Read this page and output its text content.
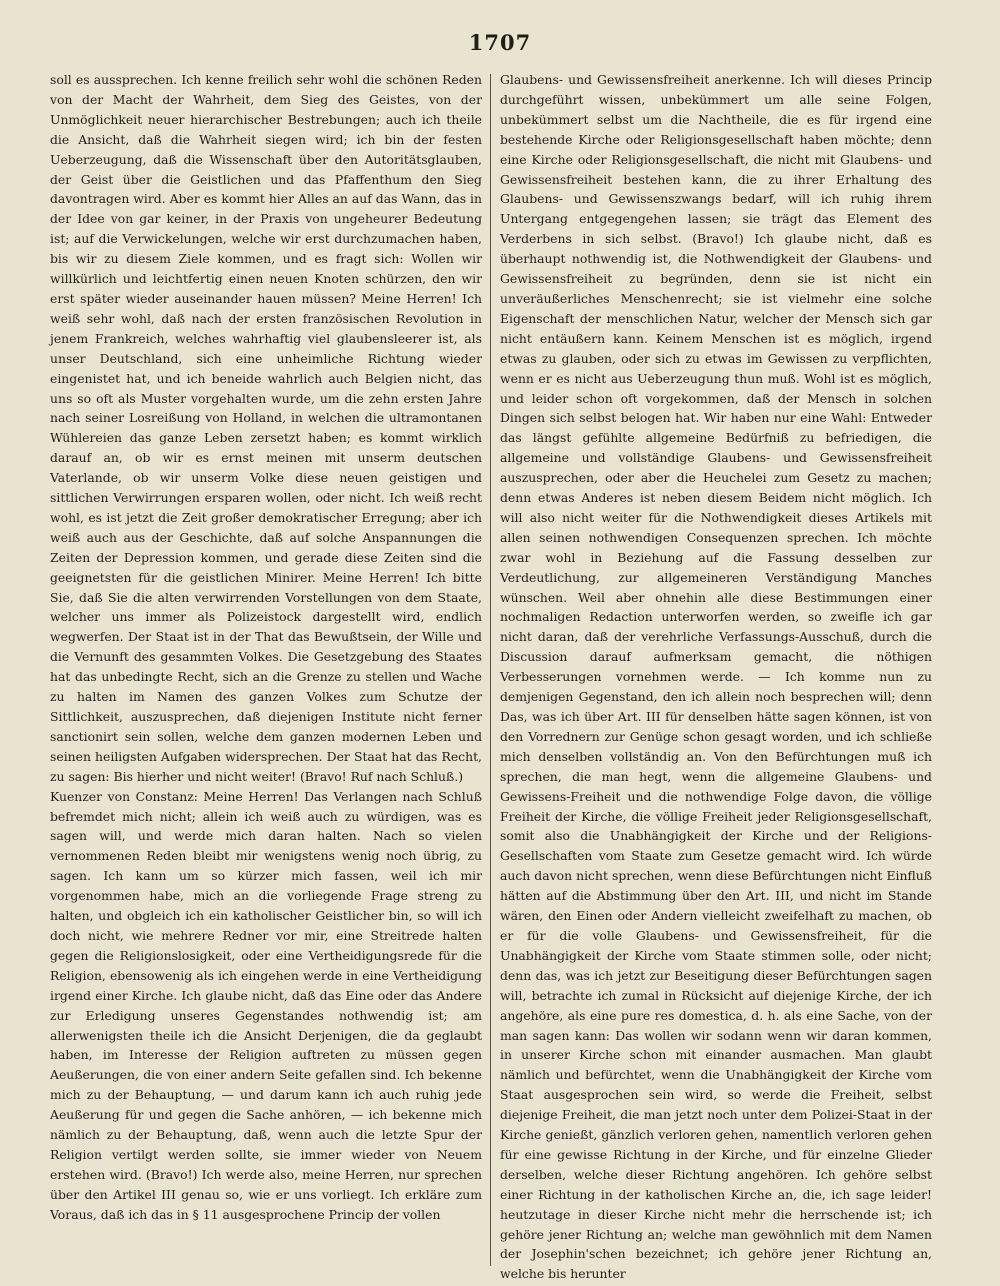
1707

soll es aussprechen. Ich kenne freilich sehr wohl die schönen Reden von der Macht der Wahrheit, dem Sieg des Geistes, von der Unmöglichkeit neuer hierarchischer Bestrebungen; auch ich theile die Ansicht, daß die Wahrheit siegen wird; ich bin der festen Ueberzeugung, daß die Wissenschaft über den Autoritätsglauben, der Geist über die Geistlichen und das Pfaffenthum den Sieg davontragen wird. Aber es kommt hier Alles an auf das Wann, das in der Idee von gar keiner, in der Praxis von ungeheurer Bedeutung ist; auf die Verwickelungen, welche wir erst durchzumachen haben, bis wir zu diesem Ziele kommen, und es fragt sich: Wollen wir willkürlich und leichtfertig einen neuen Knoten schürzen, den wir erst später wieder auseinander hauen müssen? Meine Herren! Ich weiß sehr wohl, daß nach der ersten französischen Revolution in jenem Frankreich, welches wahrhaftig viel glaubensleerer ist, als unser Deutschland, sich eine unheimliche Richtung wieder eingenistet hat, und ich beneide wahrlich auch Belgien nicht, das uns so oft als Muster vorgehalten wurde, um die zehn ersten Jahre nach seiner Losreißung von Holland, in welchen die ultramontanen Wühlereien das ganze Leben zersetzt haben; es kommt wirklich darauf an, ob wir es ernst meinen mit unserm deutschen Vaterlande, ob wir unserm Volke diese neuen geistigen und sittlichen Verwirrungen ersparen wollen, oder nicht. Ich weiß recht wohl, es ist jetzt die Zeit großer demokratischer Erregung; aber ich weiß auch aus der Geschichte, daß auf solche Anspannungen die Zeiten der Depression kommen, und gerade diese Zeiten sind die geeignetsten für die geistlichen Minirer. Meine Herren! Ich bitte Sie, daß Sie die alten verwirrenden Vorstellungen von dem Staate, welcher uns immer als Polizeistock dargestellt wird, endlich wegwerfen. Der Staat ist in der That das Bewußtsein, der Wille und die Vernunft des gesammten Volkes. Die Gesetzgebung des Staates hat das unbedingte Recht, sich an die Grenze zu stellen und Wache zu halten im Namen des ganzen Volkes zum Schutze der Sittlichkeit, auszusprechen, daß diejenigen Institute nicht ferner sanctionirt sein sollen, welche dem ganzen modernen Leben und seinen heiligsten Aufgaben widersprechen. Der Staat hat das Recht, zu sagen: Bis hierher und nicht weiter! (Bravo! Ruf nach Schluß.)

Kuenzer von Constanz: Meine Herren! Das Verlangen nach Schluß befremdet mich nicht; allein ich weiß auch zu würdigen, was es sagen will, und werde mich daran halten. Nach so vielen vernommenen Reden bleibt mir wenigstens wenig noch übrig, zu sagen. Ich kann um so kürzer mich fassen, weil ich mir vorgenommen habe, mich an die vorliegende Frage streng zu halten, und obgleich ich ein katholischer Geistlicher bin, so will ich doch nicht, wie mehrere Redner vor mir, eine Streitrede halten gegen die Religionslosigkeit, oder eine Vertheidigungsrede für die Religion, ebensowenig als ich eingehen werde in eine Vertheidigung irgend einer Kirche. Ich glaube nicht, daß das Eine oder das Andere zur Erledigung unseres Gegenstandes nothwendig ist; am allerwenigsten theile ich die Ansicht Derjenigen, die da geglaubt haben, im Interesse der Religion auftreten zu müssen gegen Aeußerungen, die von einer andern Seite gefallen sind. Ich bekenne mich zu der Behauptung, — und darum kann ich auch ruhig jede Aeußerung für und gegen die Sache anhören, — ich bekenne mich nämlich zu der Behauptung, daß, wenn auch die letzte Spur der Religion vertilgt werden sollte, sie immer wieder von Neuem erstehen wird. (Bravo!) Ich werde also, meine Herren, nur sprechen über den Artikel III genau so, wie er uns vorliegt. Ich erkläre zum Voraus, daß ich das in § 11 ausgesprochene Princip der vollen

Glaubens- und Gewissensfreiheit anerkenne. Ich will dieses Princip durchgeführt wissen, unbekümmert um alle seine Folgen, unbekümmert selbst um die Nachtheile, die es für irgend eine bestehende Kirche oder Religionsgesellschaft haben möchte; denn eine Kirche oder Religionsgesellschaft, die nicht mit Glaubens- und Gewissensfreiheit bestehen kann, die zu ihrer Erhaltung des Glaubens- und Gewissenszwangs bedarf, will ich ruhig ihrem Untergang entgegengehen lassen; sie trägt das Element des Verderbens in sich selbst. (Bravo!) Ich glaube nicht, daß es überhaupt nothwendig ist, die Nothwendigkeit der Glaubens- und Gewissensfreiheit zu begründen, denn sie ist nicht ein unveräußerliches Menschenrecht; sie ist vielmehr eine solche Eigenschaft der menschlichen Natur, welcher der Mensch sich gar nicht entäußern kann. Keinem Menschen ist es möglich, irgend etwas zu glauben, oder sich zu etwas im Gewissen zu verpflichten, wenn er es nicht aus Ueberzeugung thun muß. Wohl ist es möglich, und leider schon oft vorgekommen, daß der Mensch in solchen Dingen sich selbst belogen hat. Wir haben nur eine Wahl: Entweder das längst gefühlte allgemeine Bedürfniß zu befriedigen, die allgemeine und vollständige Glaubens- und Gewissensfreiheit auszusprechen, oder aber die Heuchelei zum Gesetz zu machen; denn etwas Anderes ist neben diesem Beidem nicht möglich. Ich will also nicht weiter für die Nothwendigkeit dieses Artikels mit allen seinen nothwendigen Consequenzen sprechen. Ich möchte zwar wohl in Beziehung auf die Fassung desselben zur Verdeutlichung, zur allgemeineren Verständigung Manches wünschen. Weil aber ohnehin alle diese Bestimmungen einer nochmaligen Redaction unterworfen werden, so zweifle ich gar nicht daran, daß der verehrliche Verfassungs-Ausschuß, durch die Discussion darauf aufmerksam gemacht, die nöthigen Verbesserungen vornehmen werde. — Ich komme nun zu demjenigen Gegenstand, den ich allein noch besprechen will; denn Das, was ich über Art. III für denselben hätte sagen können, ist von den Vorrednern zur Genüge schon gesagt worden, und ich schließe mich denselben vollständig an. Von den Befürchtungen muß ich sprechen, die man hegt, wenn die allgemeine Glaubens- und Gewissens-Freiheit und die nothwendige Folge davon, die völlige Freiheit der Kirche, die völlige Freiheit jeder Religionsgesellschaft, somit also die Unabhängigkeit der Kirche und der Religions-Gesellschaften vom Staate zum Gesetze gemacht wird. Ich würde auch davon nicht sprechen, wenn diese Befürchtungen nicht Einfluß hätten auf die Abstimmung über den Art. III, und nicht im Stande wären, den Einen oder Andern vielleicht zweifelhaft zu machen, ob er für die volle Glaubens- und Gewissensfreiheit, für die Unabhängigkeit der Kirche vom Staate stimmen solle, oder nicht; denn das, was ich jetzt zur Beseitigung dieser Befürchtungen sagen will, betrachte ich zumal in Rücksicht auf diejenige Kirche, der ich angehöre, als eine pure res domestica, d. h. als eine Sache, von der man sagen kann: Das wollen wir sodann wenn wir daran kommen, in unserer Kirche schon mit einander ausmachen. Man glaubt nämlich und befürchtet, wenn die Unabhängigkeit der Kirche vom Staat ausgesprochen sein wird, so werde die Freiheit, selbst diejenige Freiheit, die man jetzt noch unter dem Polizei-Staat in der Kirche genießt, gänzlich verloren gehen, namentlich verloren gehen für eine gewisse Richtung in der Kirche, und für einzelne Glieder derselben, welche dieser Richtung angehören. Ich gehöre selbst einer Richtung in der katholischen Kirche an, die, ich sage leider! heutzutage in dieser Kirche nicht mehr die herrschende ist; ich gehöre jener Richtung an; welche man gewöhnlich mit dem Namen der Josephin'schen bezeichnet; ich gehöre jener Richtung an, welche bis herunter
